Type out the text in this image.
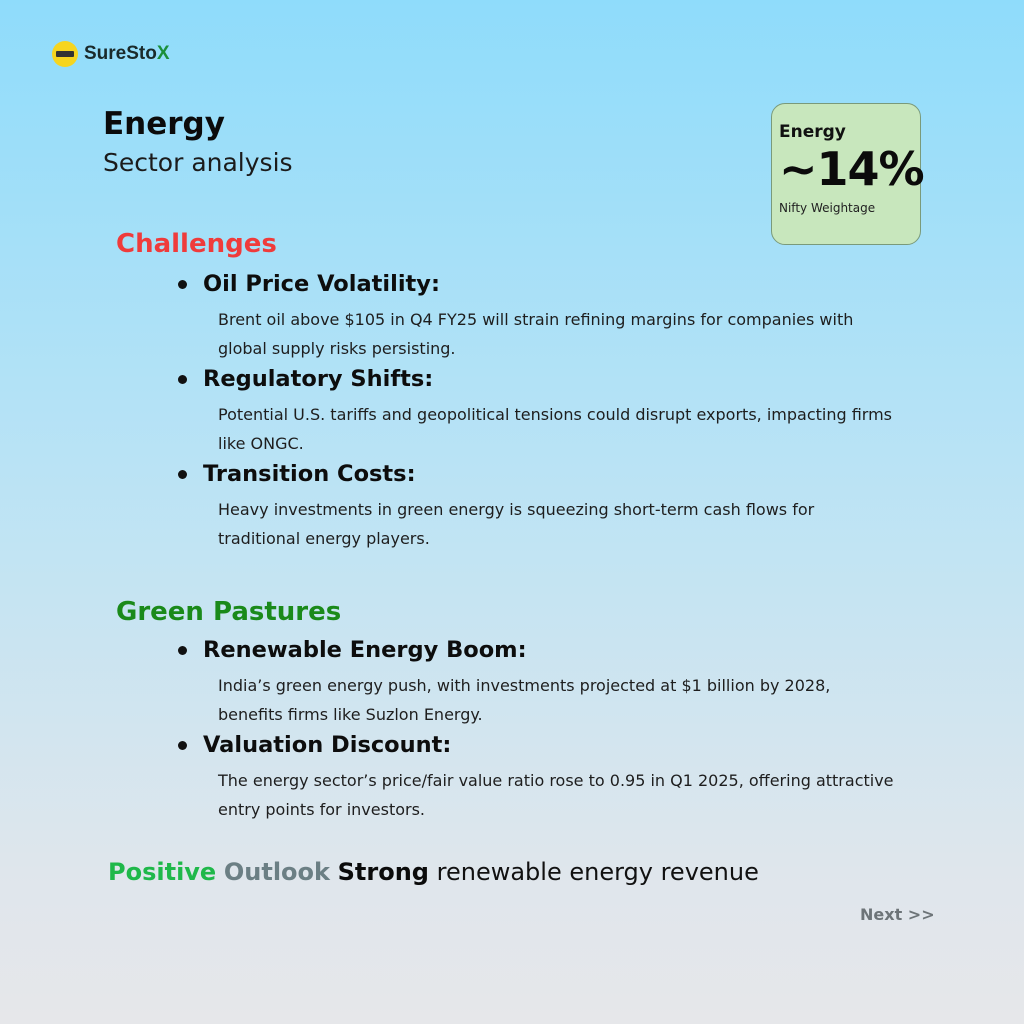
SureStoX
Energy
Sector analysis
Energy
~14%
Nifty Weightage
Challenges
Oil Price Volatility:
Brent oil above $105 in Q4 FY25 will strain refining margins for companies with global supply risks persisting.
Regulatory Shifts:
Potential U.S. tariffs and geopolitical tensions could disrupt exports, impacting firms like ONGC.
Transition Costs:
Heavy investments in green energy is squeezing short-term cash flows for traditional energy players.
Green Pastures
Renewable Energy Boom:
India’s green energy push, with investments projected at $1 billion by 2028, benefits firms like Suzlon Energy.
Valuation Discount:
The energy sector’s price/fair value ratio rose to 0.95 in Q1 2025, offering attractive entry points for investors.
Positive Outlook Strong renewable energy revenue
Next >>
